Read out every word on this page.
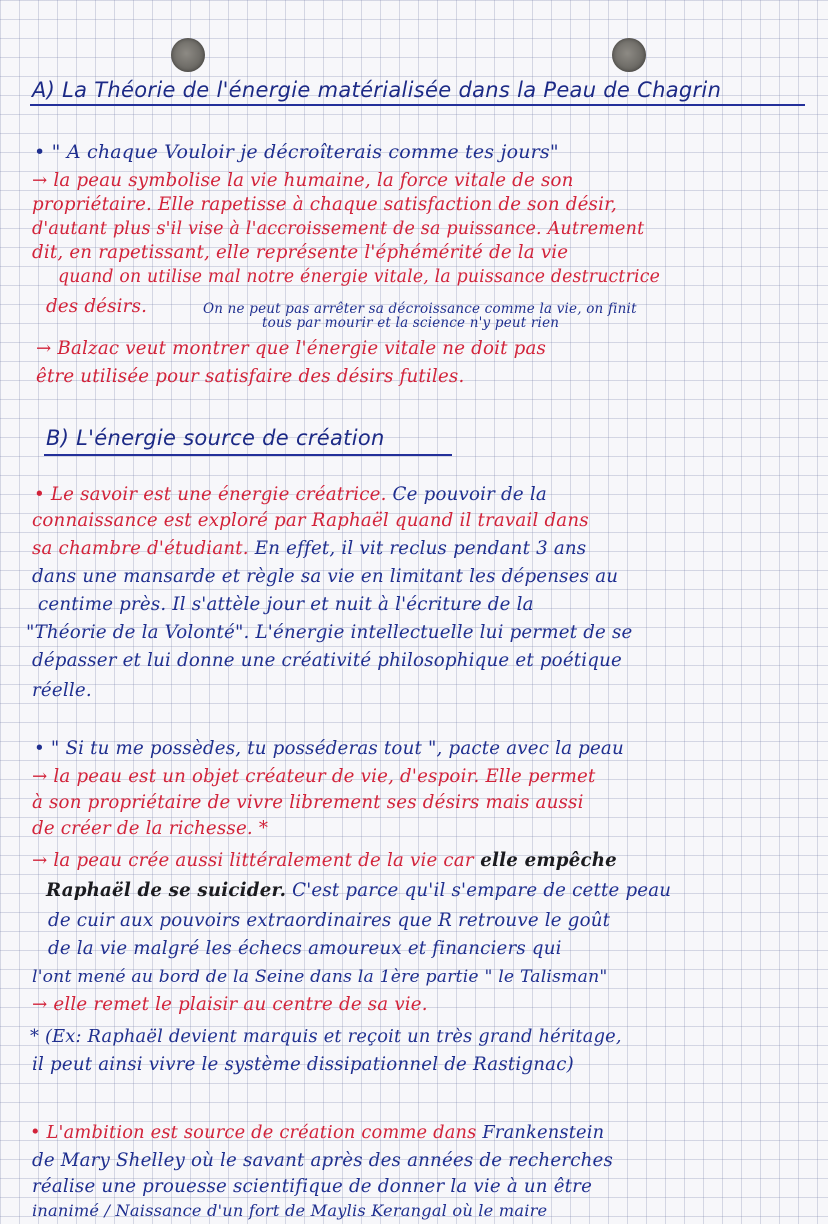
A) La Théorie de l'énergie matérialisée dans la Peau de Chagrin
• " A chaque Vouloir je décroîterais comme tes jours"
→ la peau symbolise la vie humaine, la force vitale de son
propriétaire. Elle rapetisse à chaque satisfaction de son désir,
d'autant plus s'il vise à l'accroissement de sa puissance. Autrement
dit, en rapetissant, elle représente l'éphémérité de la vie
quand on utilise mal notre énergie vitale, la puissance destructrice
des désirs.	On ne peut pas arrêter sa décroissance comme la vie, on finit
tous par mourir et la science n'y peut rien
→ Balzac veut montrer que l'énergie vitale ne doit pas
être utilisée pour satisfaire des désirs futiles.
B) L'énergie source de création
• Le savoir est une énergie créatrice. Ce pouvoir de la
connaissance est exploré par Raphaël quand il travail dans
sa chambre d'étudiant. En effet, il vit reclus pendant 3 ans
dans une mansarde et règle sa vie en limitant les dépenses au
centime près. Il s'attèle jour et nuit à l'écriture de la
"Théorie de la Volonté". L'énergie intellectuelle lui permet de se
dépasser et lui donne une créativité philosophique et poétique
réelle.
• " Si tu me possèdes, tu posséderas tout ", pacte avec la peau
→ la peau est un objet créateur de vie, d'espoir. Elle permet
à son propriétaire de vivre librement ses désirs mais aussi
de créer de la richesse. *
→ la peau crée aussi littéralement de la vie car elle empêche
Raphaël de se suicider. C'est parce qu'il s'empare de cette peau
de cuir aux pouvoirs extraordinaires que R retrouve le goût
de la vie malgré les échecs amoureux et financiers qui
l'ont mené au bord de la Seine dans la 1ère partie " le Talisman"
→ elle remet le plaisir au centre de sa vie.
* (Ex: Raphaël devient marquis et reçoit un très grand héritage,
il peut ainsi vivre le système dissipationnel de Rastignac)
• L'ambition est source de création comme dans Frankenstein
de Mary Shelley où le savant après des années de recherches
réalise une prouesse scientifique de donner la vie à un être
inanimé / Naissance d'un fort de Maylis Kerangal où le maire
